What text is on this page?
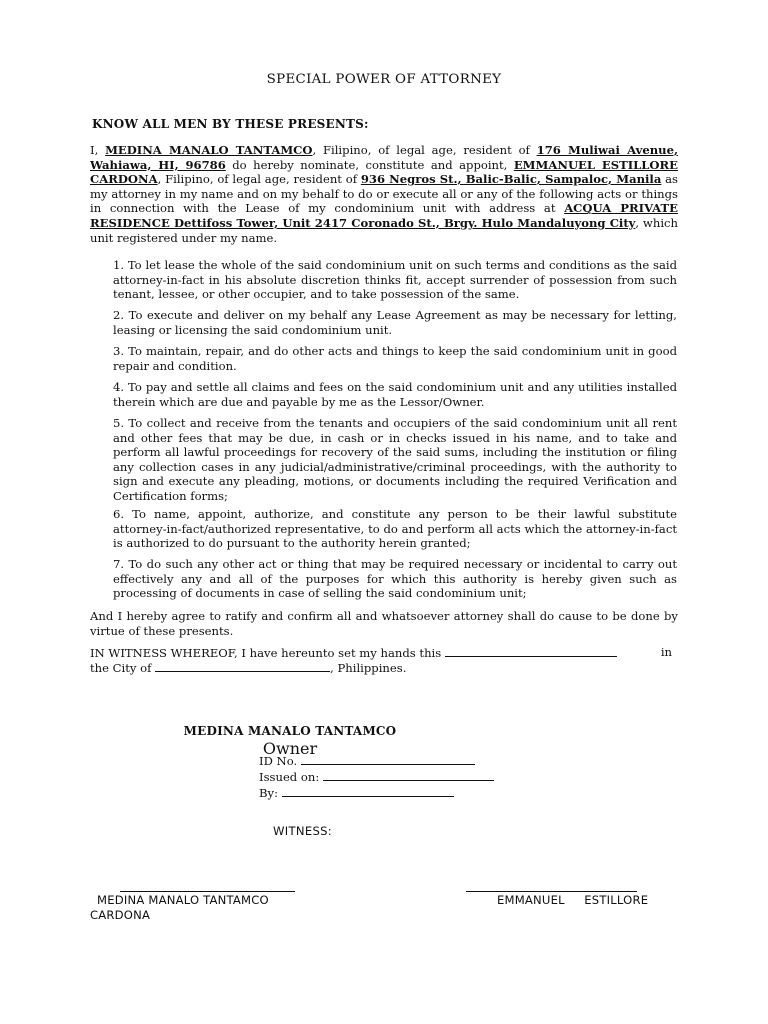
SPECIAL POWER OF ATTORNEY
KNOW ALL MEN BY THESE PRESENTS:
I, MEDINA MANALO TANTAMCO, Filipino, of legal age, resident of 176 Muliwai Avenue, Wahiawa, HI, 96786 do hereby nominate, constitute and appoint, EMMANUEL ESTILLORE CARDONA, Filipino, of legal age, resident of 936 Negros St., Balic-Balic, Sampaloc, Manila as my attorney in my name and on my behalf to do or execute all or any of the following acts or things in connection with the Lease of my condominium unit with address at ACQUA PRIVATE RESIDENCE Dettifoss Tower, Unit 2417 Coronado St., Brgy. Hulo Mandaluyong City, which unit registered under my name.
1. To let lease the whole of the said condominium unit on such terms and conditions as the said attorney-in-fact in his absolute discretion thinks fit, accept surrender of possession from such tenant, lessee, or other occupier, and to take possession of the same.
2. To execute and deliver on my behalf any Lease Agreement as may be necessary for letting, leasing or licensing the said condominium unit.
3. To maintain, repair, and do other acts and things to keep the said condominium unit in good repair and condition.
4. To pay and settle all claims and fees on the said condominium unit and any utilities installed therein which are due and payable by me as the Lessor/Owner.
5. To collect and receive from the tenants and occupiers of the said condominium unit all rent and other fees that may be due, in cash or in checks issued in his name, and to take and perform all lawful proceedings for recovery of the said sums, including the institution or filing any collection cases in any judicial/administrative/criminal proceedings, with the authority to sign and execute any pleading, motions, or documents including the required Verification and Certification forms;
6. To name, appoint, authorize, and constitute any person to be their lawful substitute attorney-in-fact/authorized representative, to do and perform all acts which the attorney-in-fact is authorized to do pursuant to the authority herein granted;
7. To do such any other act or thing that may be required necessary or incidental to carry out effectively any and all of the purposes for which this authority is hereby given such as processing of documents in case of selling the said condominium unit;
And I hereby agree to ratify and confirm all and whatsoever attorney shall do cause to be done by virtue of these presents.
IN WITNESS WHEREOF, I have hereunto set my hands this	in
the City of	, Philippines.
MEDINA MANALO TANTAMCO
Owner
ID No.
Issued on:
By:
WITNESS:
MEDINA MANALO TANTAMCO	EMMANUEL     ESTILLORE
CARDONA
